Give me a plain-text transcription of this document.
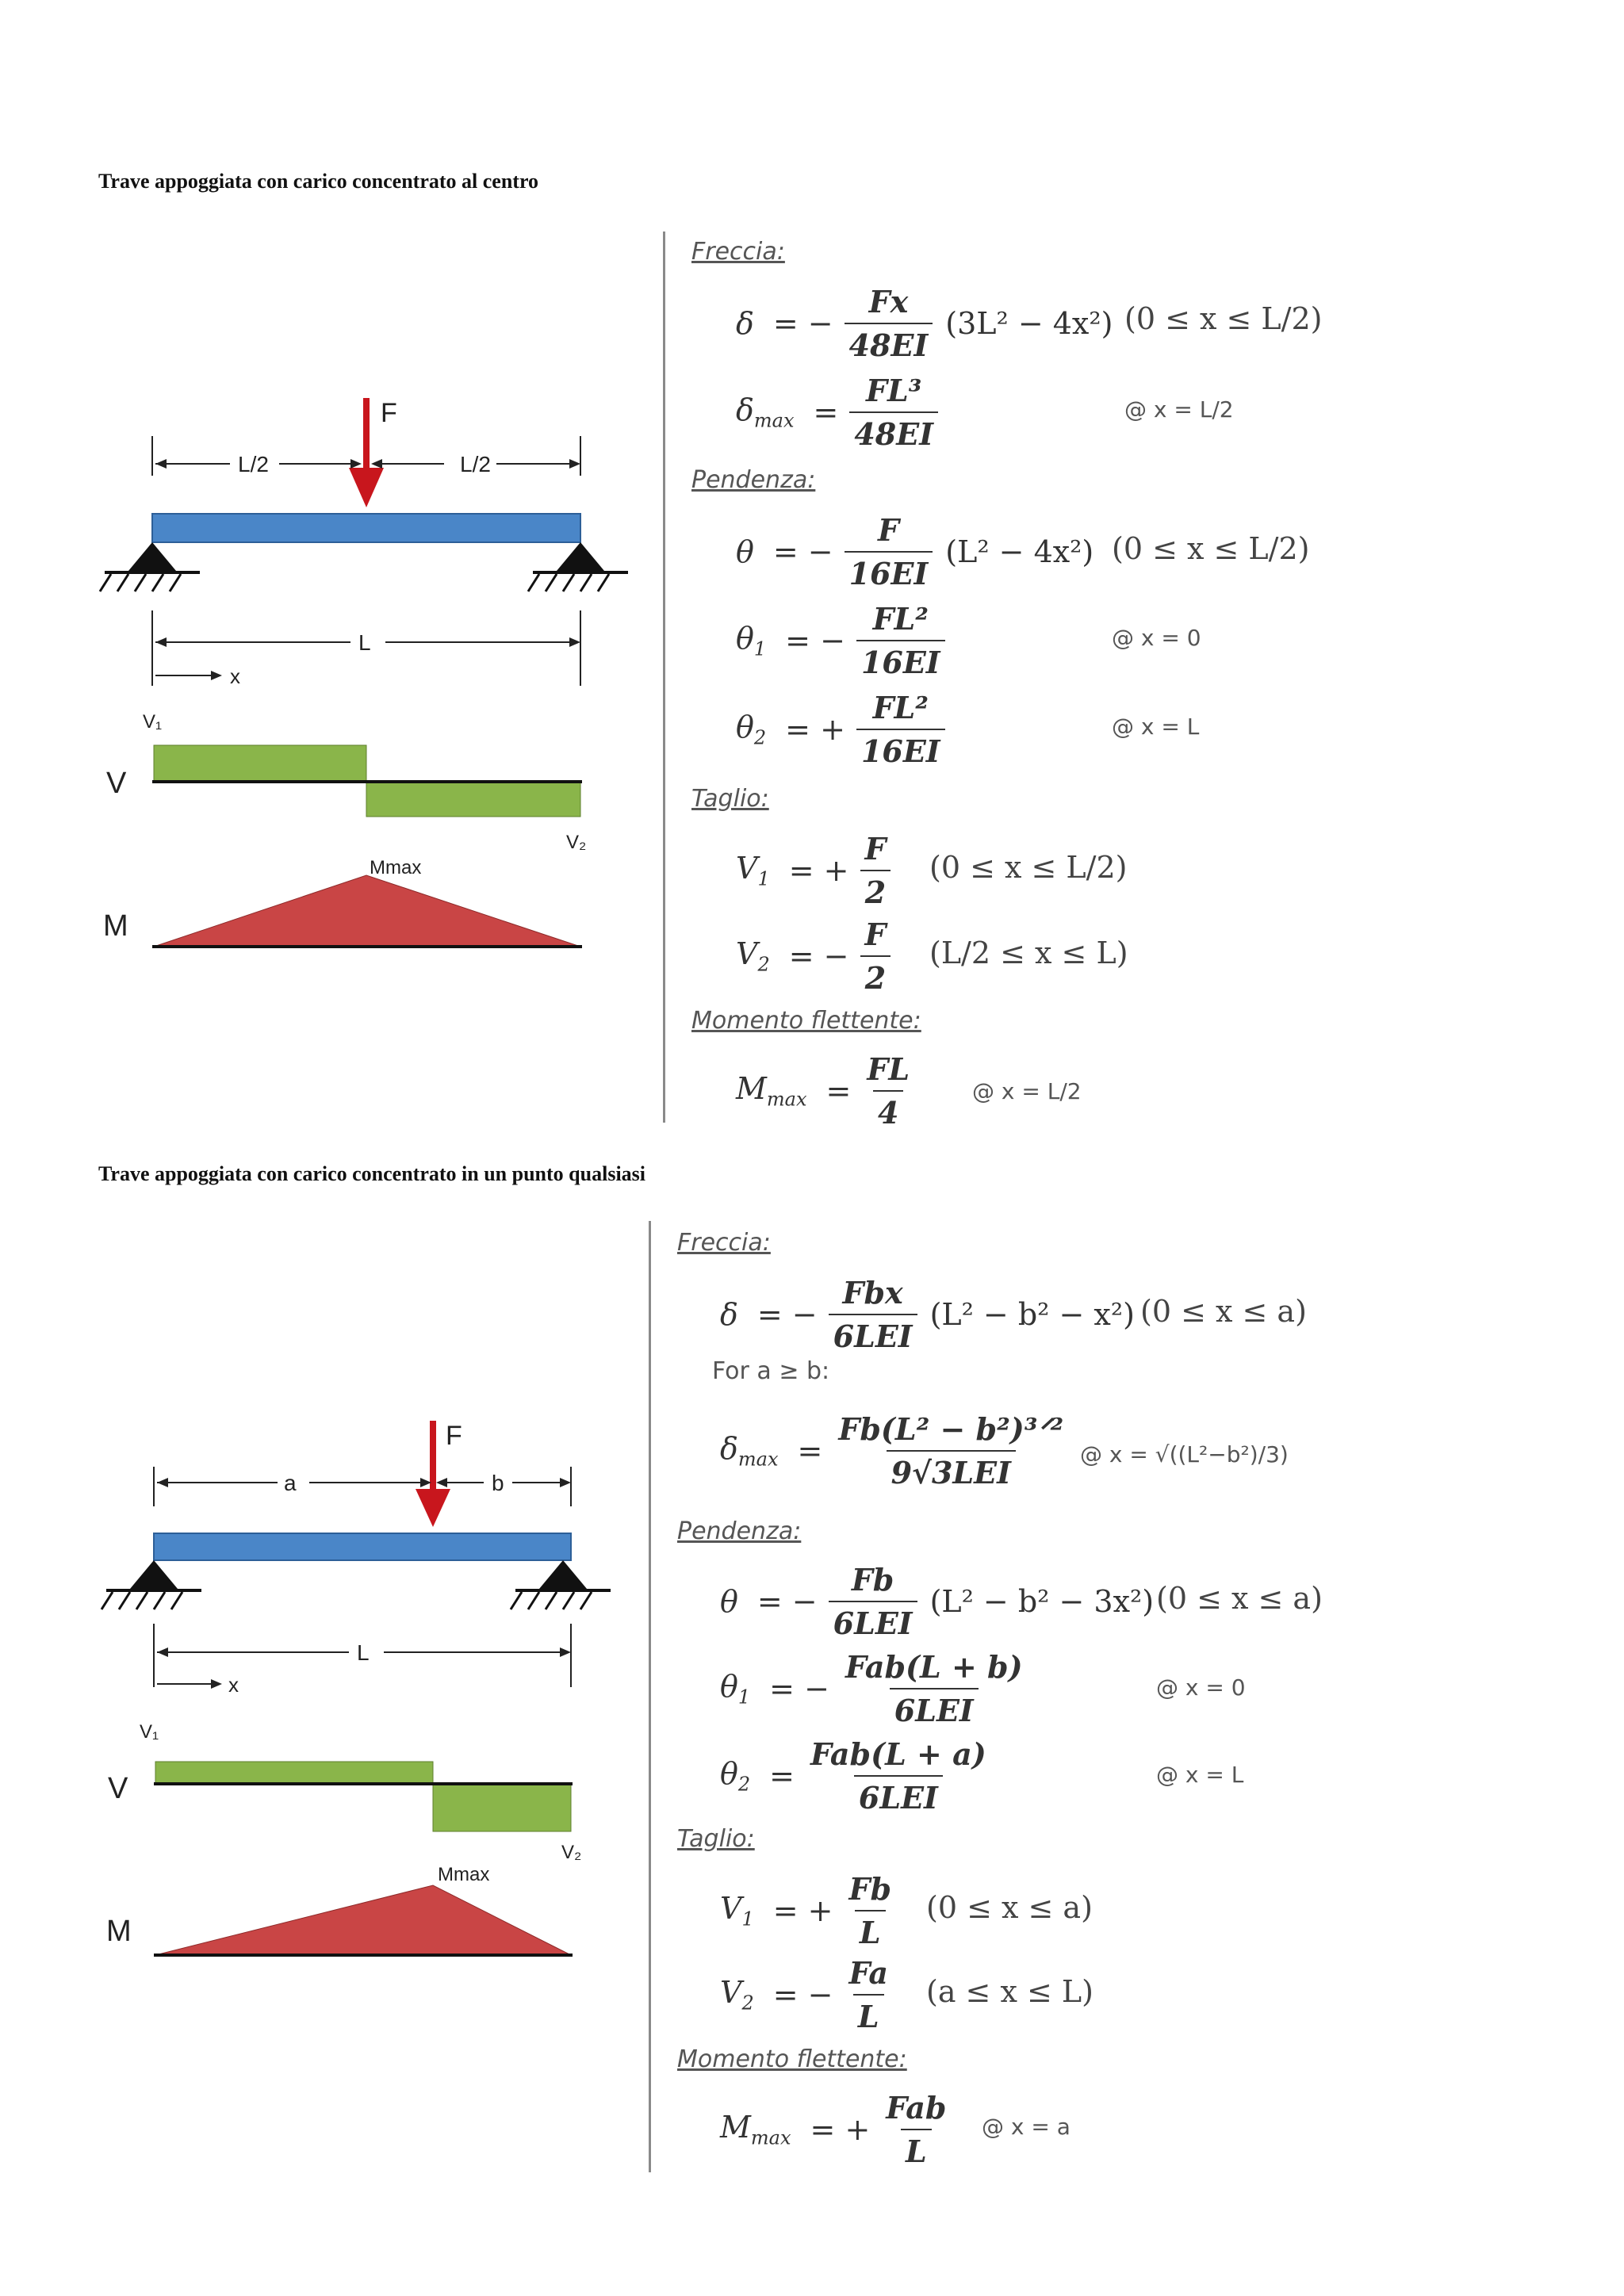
Trave appoggiata con carico concentrato al centro
F
L/2	L/2
L
x
V₁
V
V₂
Mmax
M
Freccia:
δ = − $\frac{Fx}{48EI} (3L^2 - 4x^2) (0 \le x \le L/2)$
$\delta_{max} = \frac{\text{FL³}}{48EI}$	@ x = L/2
Pendenza:
θ = − $\frac{F}{16EI} (L^2 - 4x^2) (0 \le x \le L/2)$
$\theta_1$ = − $\frac{\text{FL²}}{16EI}$	@ x = 0
$\theta_2$ = + $\frac{\text{FL²}}{16EI}$	@ x = L
Taglio:
$V_1$ = + $\frac{F}{2} (0 \le x \le L/2)$
$V_2$ = − $\frac{F}{2} (L/2 \le x \le L)$
Momento flettente:
$M_{max} = \frac{FL}{4}$	@ x = L/2
Trave appoggiata con carico concentrato in un punto qualsiasi
F
a	b
L
x
V₁
V
V₂
Mmax
M
Freccia:
δ = − $\frac{\text{Fbx}}{\text{6LEI}} (L^2 - b^2 - x^2) (0 \le x \le a)$
For a ≥ b:
$\delta_{max} = \frac{\text{Fb(L² − b²)³ᐟ²}}{\text{9√3LEI}}$ @ x = √((L²−b²)/3)
Pendenza:
θ = − $\frac{Fb}{\text{6LEI}} (L^2 - b^2 - 3x^2) (0 \le x \le a)$
$\theta_1$ = − $\frac{\text{Fab(L + b)}}{\text{6LEI}}$	@ x = 0
$\theta_2 = \frac{\text{Fab(L + a)}}{\text{6LEI}}$	@ x = L
Taglio:
$V_1$ = + $\frac{Fb}{L} (0 \le x \le a)$
$V_2$ = − $\frac{Fa}{L} (a \le x \le L)$
Momento flettente:
$M_{max}$ = + $\frac{\text{Fab}}{L}$ @ x = a
